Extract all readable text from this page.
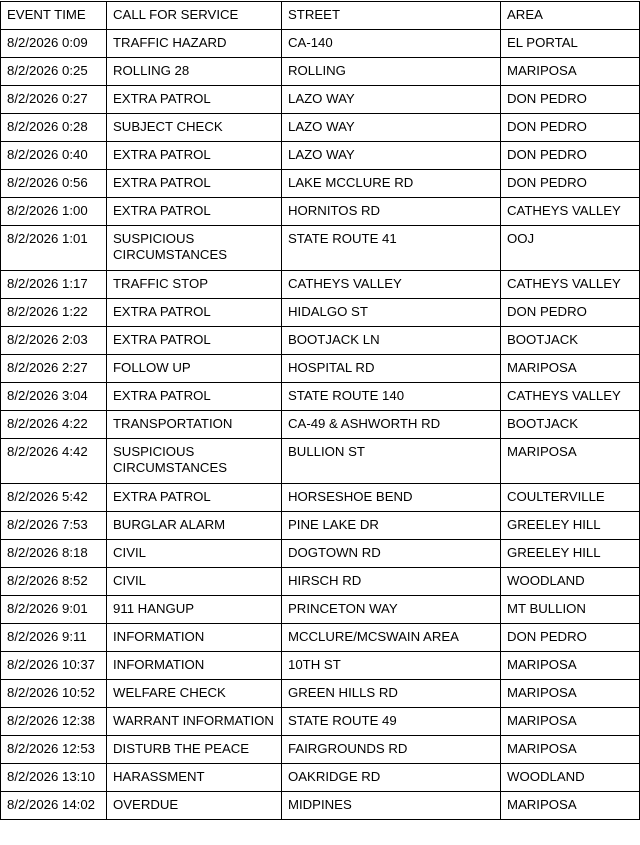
EVENT TIME	CALL FOR SERVICE	STREET	AREA
8/2/2026 0:09	TRAFFIC HAZARD	CA-140	EL PORTAL
8/2/2026 0:25	ROLLING 28	ROLLING	MARIPOSA
8/2/2026 0:27	EXTRA PATROL	LAZO WAY	DON PEDRO
8/2/2026 0:28	SUBJECT CHECK	LAZO WAY	DON PEDRO
8/2/2026 0:40	EXTRA PATROL	LAZO WAY	DON PEDRO
8/2/2026 0:56	EXTRA PATROL	LAKE MCCLURE RD	DON PEDRO
8/2/2026 1:00	EXTRA PATROL	HORNITOS RD	CATHEYS VALLEY
8/2/2026 1:01	SUSPICIOUS CIRCUMSTANCES	STATE ROUTE 41	OOJ
8/2/2026 1:17	TRAFFIC STOP	CATHEYS VALLEY	CATHEYS VALLEY
8/2/2026 1:22	EXTRA PATROL	HIDALGO ST	DON PEDRO
8/2/2026 2:03	EXTRA PATROL	BOOTJACK LN	BOOTJACK
8/2/2026 2:27	FOLLOW UP	HOSPITAL RD	MARIPOSA
8/2/2026 3:04	EXTRA PATROL	STATE ROUTE 140	CATHEYS VALLEY
8/2/2026 4:22	TRANSPORTATION	CA-49 & ASHWORTH RD	BOOTJACK
8/2/2026 4:42	SUSPICIOUS CIRCUMSTANCES	BULLION ST	MARIPOSA
8/2/2026 5:42	EXTRA PATROL	HORSESHOE BEND	COULTERVILLE
8/2/2026 7:53	BURGLAR ALARM	PINE LAKE DR	GREELEY HILL
8/2/2026 8:18	CIVIL	DOGTOWN RD	GREELEY HILL
8/2/2026 8:52	CIVIL	HIRSCH RD	WOODLAND
8/2/2026 9:01	911 HANGUP	PRINCETON WAY	MT BULLION
8/2/2026 9:11	INFORMATION	MCCLURE/MCSWAIN AREA	DON PEDRO
8/2/2026 10:37	INFORMATION	10TH ST	MARIPOSA
8/2/2026 10:52	WELFARE CHECK	GREEN HILLS RD	MARIPOSA
8/2/2026 12:38	WARRANT INFORMATION	STATE ROUTE 49	MARIPOSA
8/2/2026 12:53	DISTURB THE PEACE	FAIRGROUNDS RD	MARIPOSA
8/2/2026 13:10	HARASSMENT	OAKRIDGE RD	WOODLAND
8/2/2026 14:02	OVERDUE	MIDPINES	MARIPOSA
